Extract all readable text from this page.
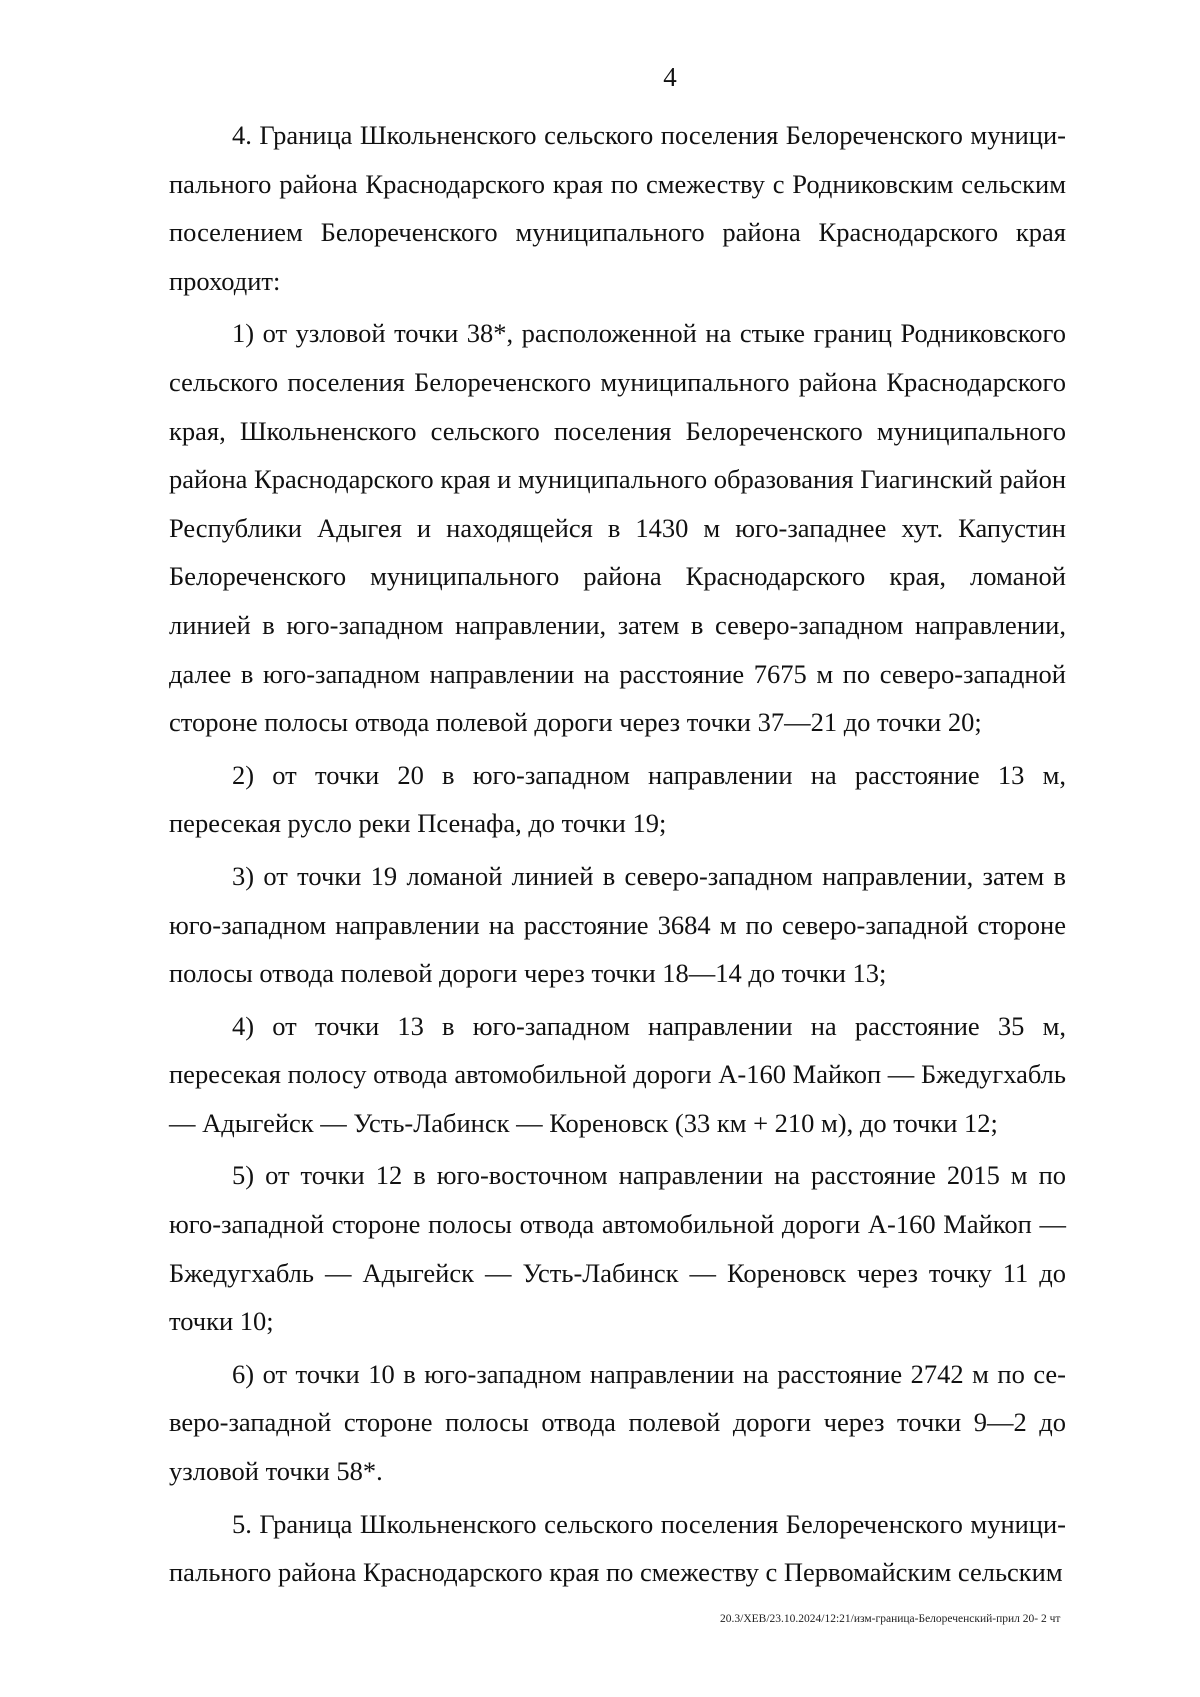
4

4. Граница Школьненского сельского поселения Белореченского муниципального района Краснодарского края по смежеству с Родниковским сельским поселением Белореченского муниципального района Краснодарского края проходит:

1) от узловой точки 38*, расположенной на стыке границ Родниковского сельского поселения Белореченского муниципального района Краснодарского края, Школьненского сельского поселения Белореченского муниципального района Краснодарского края и муниципального образования Гиагинский район Республики Адыгея и находящейся в 1430 м юго-западнее хут. Капустин Белореченского муниципального района Краснодарского края, ломаной линией в юго-западном направлении, затем в северо-западном направлении, далее в юго-западном направлении на расстояние 7675 м по северо-западной стороне полосы отвода полевой дороги через точки 37—21 до точки 20;

2) от точки 20 в юго-западном направлении на расстояние 13 м, пересекая русло реки Псенафа, до точки 19;

3) от точки 19 ломаной линией в северо-западном направлении, затем в юго-западном направлении на расстояние 3684 м по северо-западной стороне полосы отвода полевой дороги через точки 18—14 до точки 13;

4) от точки 13 в юго-западном направлении на расстояние 35 м, пересекая полосу отвода автомобильной дороги А-160 Майкоп — Бжедугхабль — Адыгейск — Усть-Лабинск — Кореновск (33 км + 210 м), до точки 12;

5) от точки 12 в юго-восточном направлении на расстояние 2015 м по юго-западной стороне полосы отвода автомобильной дороги А-160 Майкоп — Бжедугхабль — Адыгейск — Усть-Лабинск — Кореновск через точку 11 до точки 10;

6) от точки 10 в юго-западном направлении на расстояние 2742 м по северо-западной стороне полосы отвода полевой дороги через точки 9—2 до узловой точки 58*.

5. Граница Школьненского сельского поселения Белореченского муниципального района Краснодарского края по смежеству с Первомайским сельским

20.3/ХЕВ/23.10.2024/12:21/изм-граница-Белореченский-прил 20- 2 чт
